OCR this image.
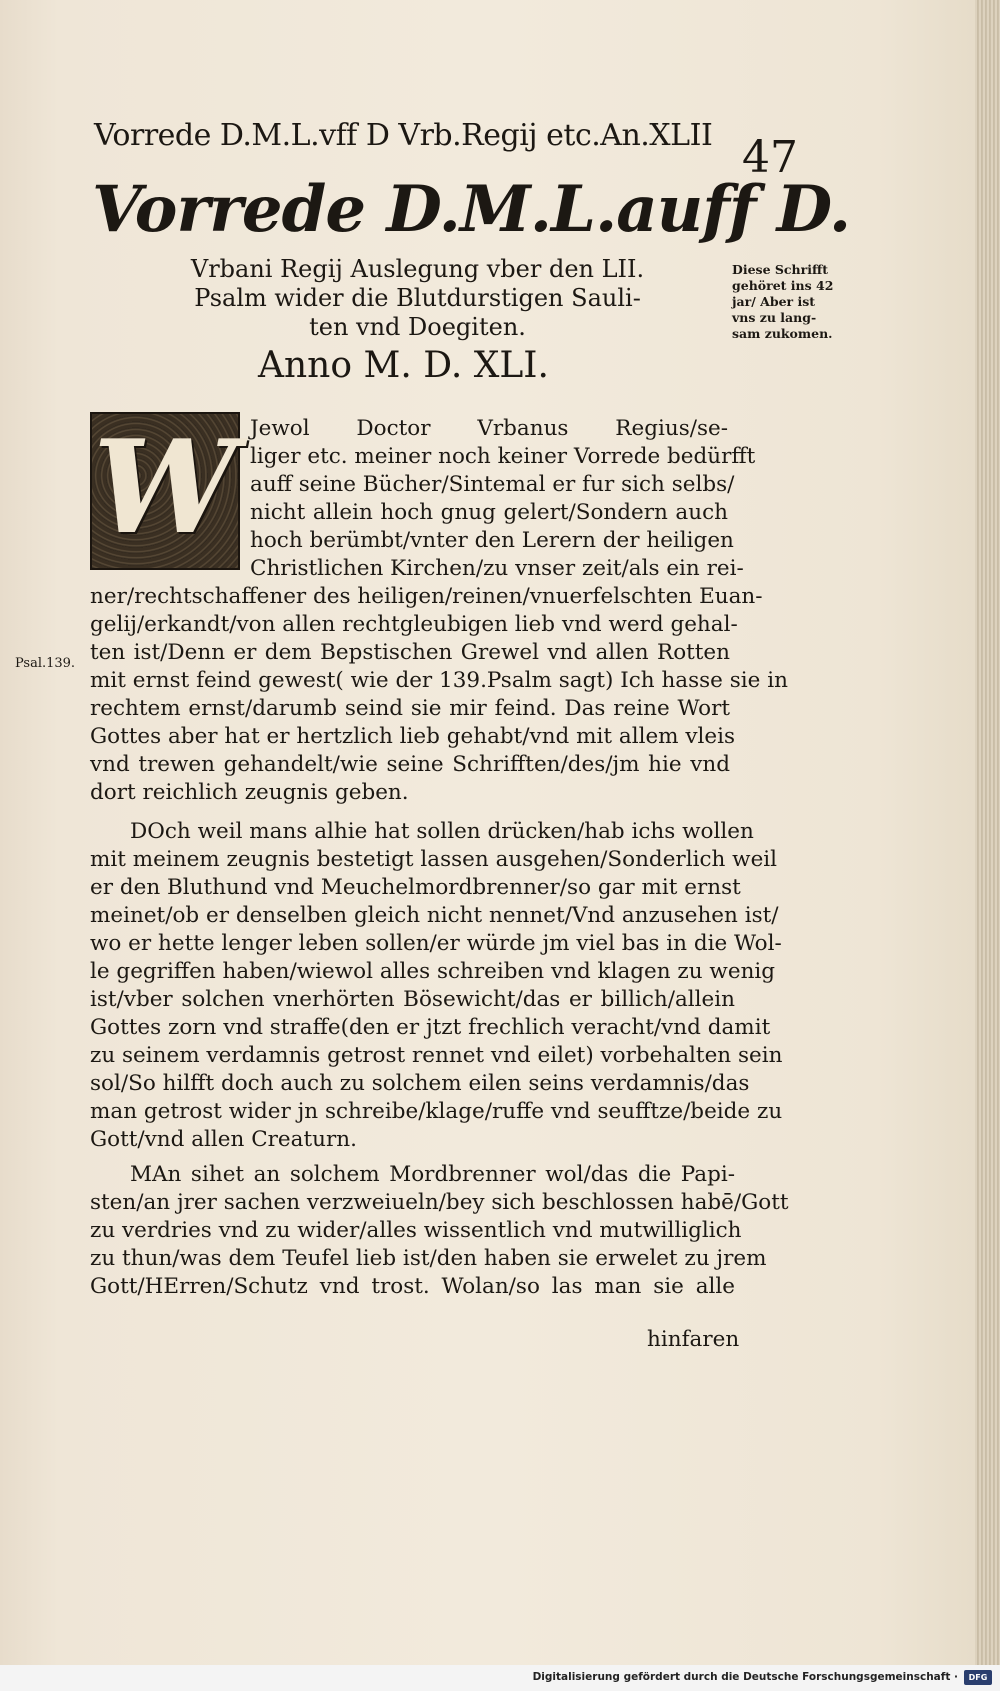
Vorrede D.M.L.vff D Vrb.Regij etc.An.XLII 47
Vorrede D.M.L.auff D.
Vrbani Regij Auslegung vber den LII.
Psalm wider die Blutdurstigen Sauli-
ten vnd Doegiten.
Anno M. D. XLI.
Diese Schrifft
gehöret ins 42
jar/ Aber ist
vns zu lang-
sam zukomen.
Psal.139.
W Jewol Doctor Vrbanus Regius/se-
liger etc. meiner noch keiner Vorrede bedürfft
auff seine Bücher/Sintemal er fur sich selbs/
nicht allein hoch gnug gelert/Sondern auch
hoch berümbt/vnter den Lerern der heiligen
Christlichen Kirchen/zu vnser zeit/als ein rei-
ner/rechtschaffener des heiligen/reinen/vnuerfelschten Euan-
gelij/erkandt/von allen rechtgleubigen lieb vnd werd gehal-
ten ist/Denn er dem Bepstischen Grewel vnd allen Rotten
mit ernst feind gewest( wie der 139.Psalm sagt) Ich hasse sie in
rechtem ernst/darumb seind sie mir feind. Das reine Wort
Gottes aber hat er hertzlich lieb gehabt/vnd mit allem vleis
vnd trewen gehandelt/wie seine Schrifften/des/jm hie vnd
dort reichlich zeugnis geben.
DOch weil mans alhie hat sollen drücken/hab ichs wollen
mit meinem zeugnis bestetigt lassen ausgehen/Sonderlich weil
er den Bluthund vnd Meuchelmordbrenner/so gar mit ernst
meinet/ob er denselben gleich nicht nennet/Vnd anzusehen ist/
wo er hette lenger leben sollen/er würde jm viel bas in die Wol-
le gegriffen haben/wiewol alles schreiben vnd klagen zu wenig
ist/vber solchen vnerhörten Bösewicht/das er billich/allein
Gottes zorn vnd straffe(den er jtzt frechlich veracht/vnd damit
zu seinem verdamnis getrost rennet vnd eilet) vorbehalten sein
sol/So hilfft doch auch zu solchem eilen seins verdamnis/das
man getrost wider jn schreibe/klage/ruffe vnd seufftze/beide zu
Gott/vnd allen Creaturn.
MAn sihet an solchem Mordbrenner wol/das die Papi-
sten/an jrer sachen verzweiueln/bey sich beschlossen habē/Gott
zu verdries vnd zu wider/alles wissentlich vnd mutwilliglich
zu thun/was dem Teufel lieb ist/den haben sie erwelet zu jrem
Gott/HErren/Schutz vnd trost. Wolan/so las man sie alle
hinfaren
Digitalisierung gefördert durch die Deutsche Forschungsgemeinschaft ·	DFG
